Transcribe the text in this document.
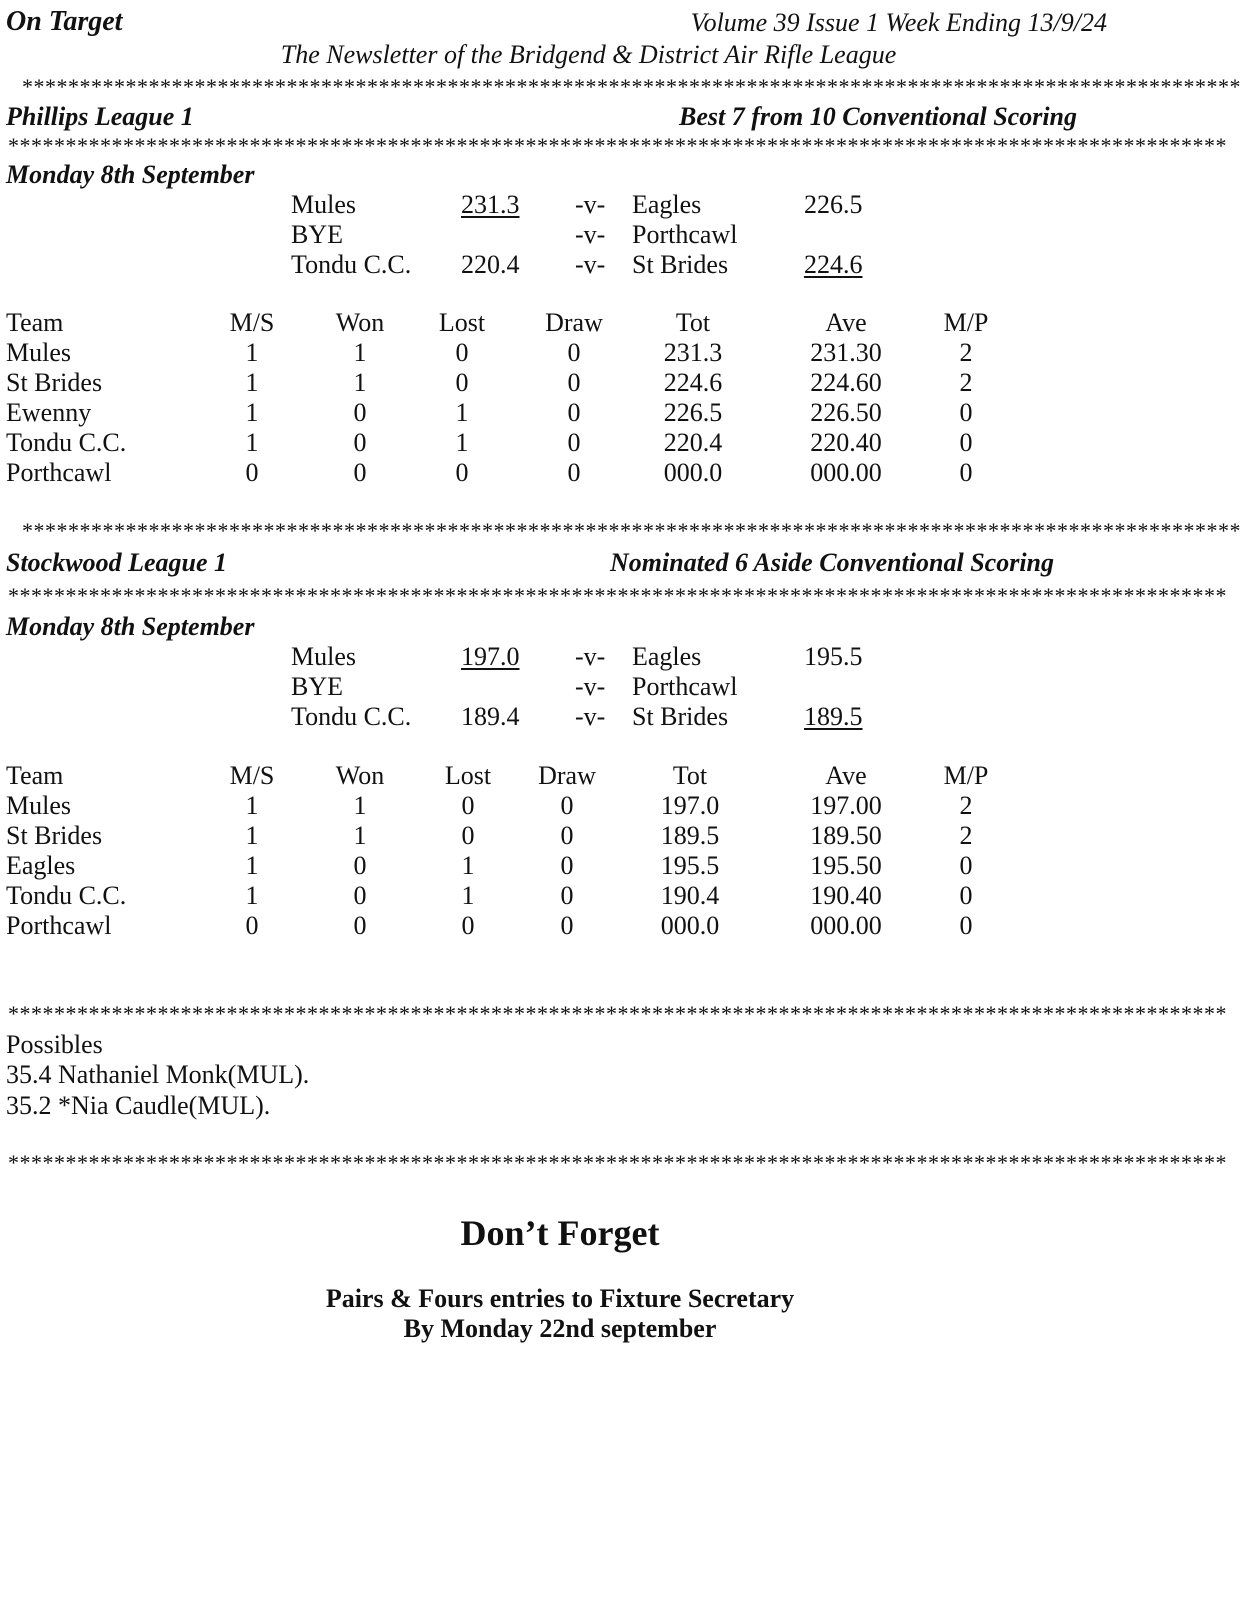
On Target	Volume 39 Issue 1 Week Ending 13/9/24
The Newsletter of the Bridgend & District Air Rifle League
**********************************************************************************************************
Phillips League 1	Best 7 from 10 Conventional Scoring
**********************************************************************************************************
Monday 8th September
Mules	231.3 -v- Eagles	226.5
BYE	-v- Porthcawl
Tondu C.C. 220.4 -v- St Brides	224.6
Team	M/S	Won	Lost	Draw	Tot	Ave	M/P
Mules	1	1	0	0	231.3	231.30	2
St Brides	1	1	0	0	224.6	224.60	2
Ewenny	1	0	1	0	226.5	226.50	0
Tondu C.C.	1	0	1	0	220.4	220.40	0
Porthcawl	0	0	0	0	000.0	000.00	0
**********************************************************************************************************
Stockwood League 1	Nominated 6 Aside Conventional Scoring
**********************************************************************************************************
Monday 8th September
Mules	197.0 -v- Eagles	195.5
BYE	-v- Porthcawl
Tondu C.C. 189.4 -v- St Brides	189.5
Team	M/S	Won	Lost	Draw	Tot	Ave	M/P
Mules	1	1	0	0	197.0	197.00	2
St Brides	1	1	0	0	189.5	189.50	2
Eagles	1	0	1	0	195.5	195.50	0
Tondu C.C.	1	0	1	0	190.4	190.40	0
Porthcawl	0	0	0	0	000.0	000.00	0
**********************************************************************************************************
Possibles
35.4 Nathaniel Monk(MUL).
35.2 *Nia Caudle(MUL).
**********************************************************************************************************
Don’t Forget
Pairs & Fours entries to Fixture Secretary
By Monday 22nd september
